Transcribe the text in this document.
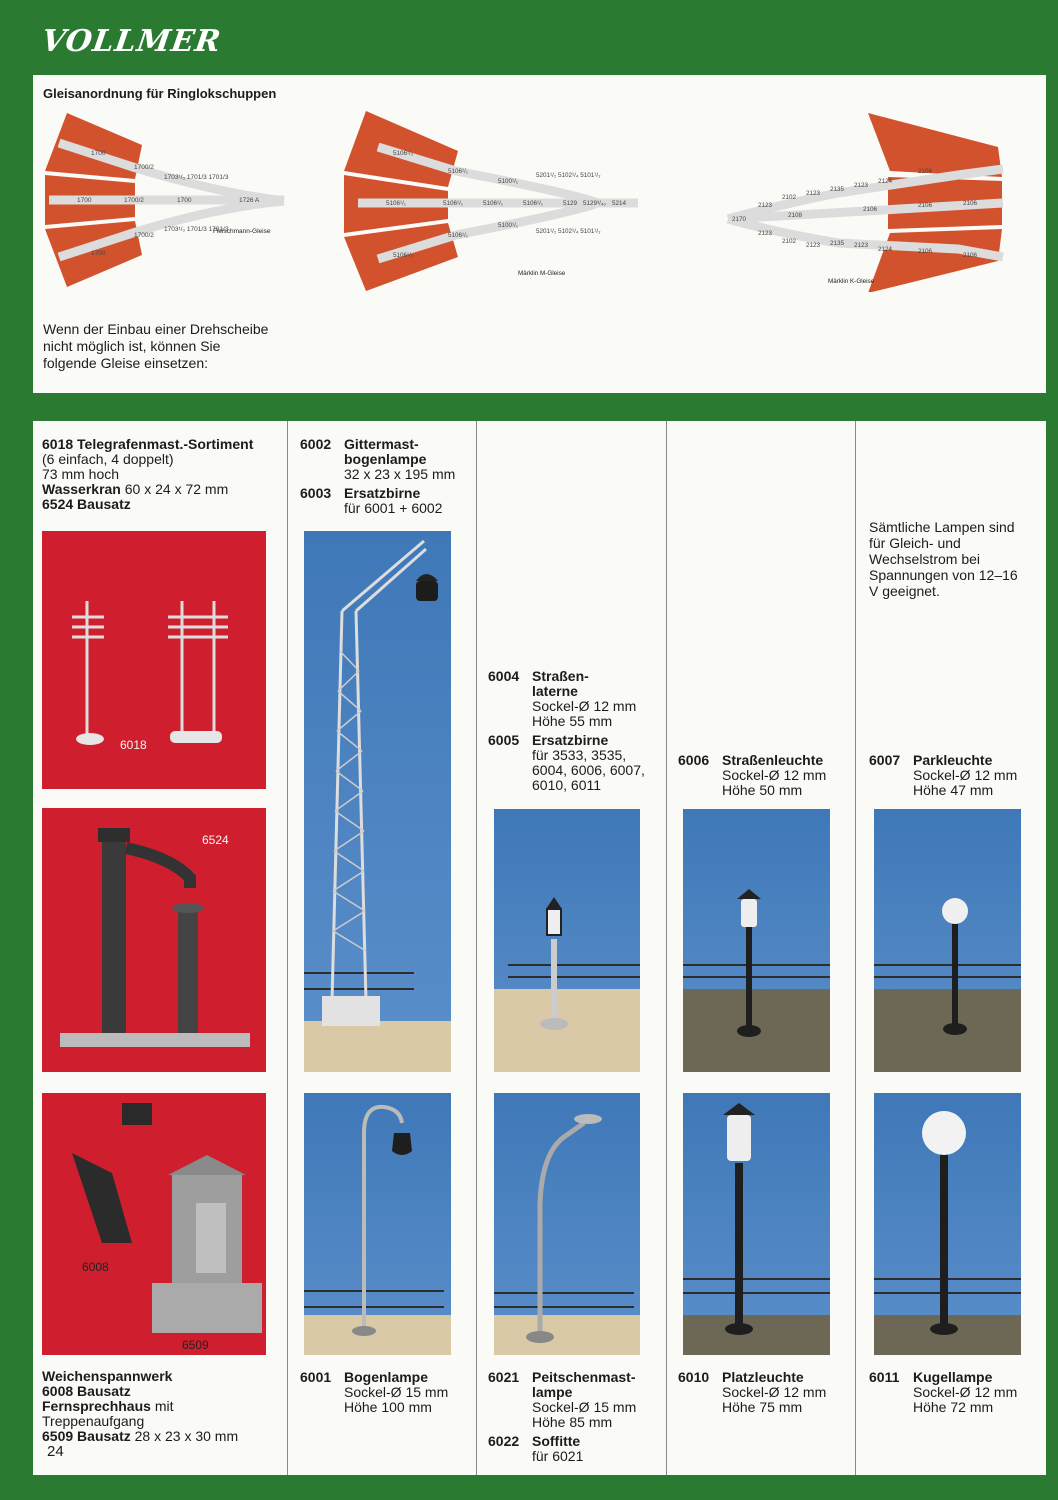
VOLLMER
Gleisanordnung für Ringlokschuppen
1700
1700/2
1703¹/₃ 1701/3 1701/3
1700	1700/2	1700	1726 A
1703¹/₃ 1701/3 1701/3
1700/2
1700
Fleischmann-Gleise
5106¹/₂
5106¹/₁
5100¹/₁
5201¹/₂ 5102¹/₄ 5101¹/₂
5106¹/₁	5106¹/₁	5106¹/₁	5106¹/₁	5129 5129³/₄₀ 5214
5106¹/₁
5100¹/₁
5201¹/₂ 5102¹/₄ 5101¹/₂
5106¹/₂
Märklin M-Gleise
2170
2123
2102
2123
2135
2123
2124
2108
2106
2106
2106	2106
2123
2102
2123 2135 2123
2124	2106
2106
Märklin K-Gleise
Wenn der Einbau einer Drehscheibe nicht möglich ist, können Sie folgende Gleise einsetzen:
6018 Telegrafenmast.-Sortiment
(6 einfach, 4 doppelt)
73 mm hoch
Wasserkran 60 x 24 x 72 mm
6524 Bausatz
6018
6524
6008
6509
Weichenspannwerk
6008 Bausatz
Fernsprechhaus mit
Treppenaufgang
6509 Bausatz 28 x 23 x 30 mm
6002 Gittermast-
bogenlampe
32 x 23 x 195 mm
6003 Ersatzbirne
für 6001 + 6002
6001 Bogenlampe
Sockel-Ø 15 mm
Höhe 100 mm
6004 Straßen-
laterne
Sockel-Ø 12 mm
Höhe 55 mm
6005 Ersatzbirne
für 3533, 3535,
6004, 6006, 6007,
6010, 6011
6021 Peitschenmast-
lampe
Sockel-Ø 15 mm
Höhe 85 mm
6022 Soffitte
für 6021
6006 Straßenleuchte
Sockel-Ø 12 mm
Höhe 50 mm
6010 Platzleuchte
Sockel-Ø 12 mm
Höhe 75 mm
Sämtliche Lampen sind für Gleich- und Wechselstrom bei Spannungen von 12–16 V geeignet.
6007 Parkleuchte
Sockel-Ø 12 mm
Höhe 47 mm
6011 Kugellampe
Sockel-Ø 12 mm
Höhe 72 mm
24
